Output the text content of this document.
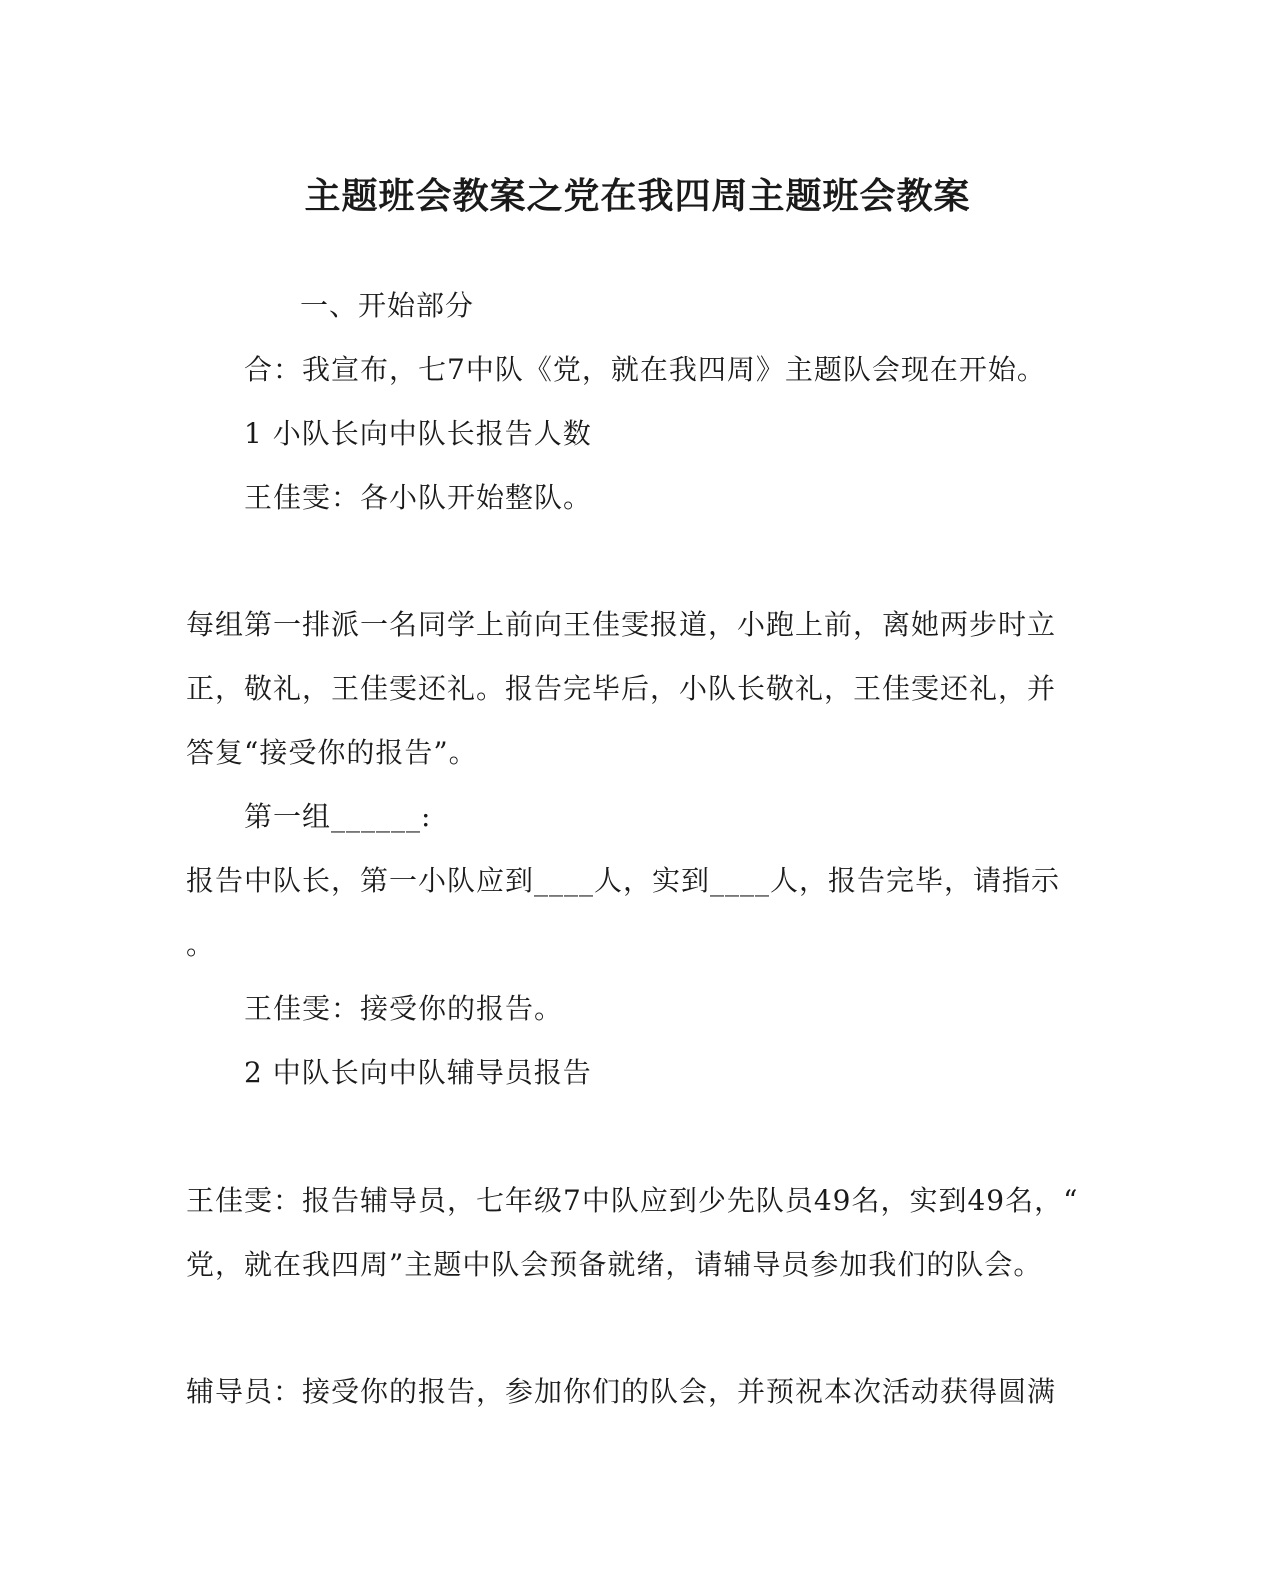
主题班会教案之党在我四周主题班会教案
一、开始部分
合：我宣布，七7中队《党，就在我四周》主题队会现在开始。
1 小队长向中队长报告人数
王佳雯：各小队开始整队。
每组第一排派一名同学上前向王佳雯报道，小跑上前，离她两步时立
正，敬礼，王佳雯还礼。报告完毕后，小队长敬礼，王佳雯还礼，并
答复“接受你的报告”。
第一组______:
报告中队长，第一小队应到____人，实到____人，报告完毕，请指示
。
王佳雯：接受你的报告。
2 中队长向中队辅导员报告
王佳雯：报告辅导员，七年级7中队应到少先队员49名，实到49名，“
党，就在我四周”主题中队会预备就绪，请辅导员参加我们的队会。
辅导员：接受你的报告，参加你们的队会，并预祝本次活动获得圆满
